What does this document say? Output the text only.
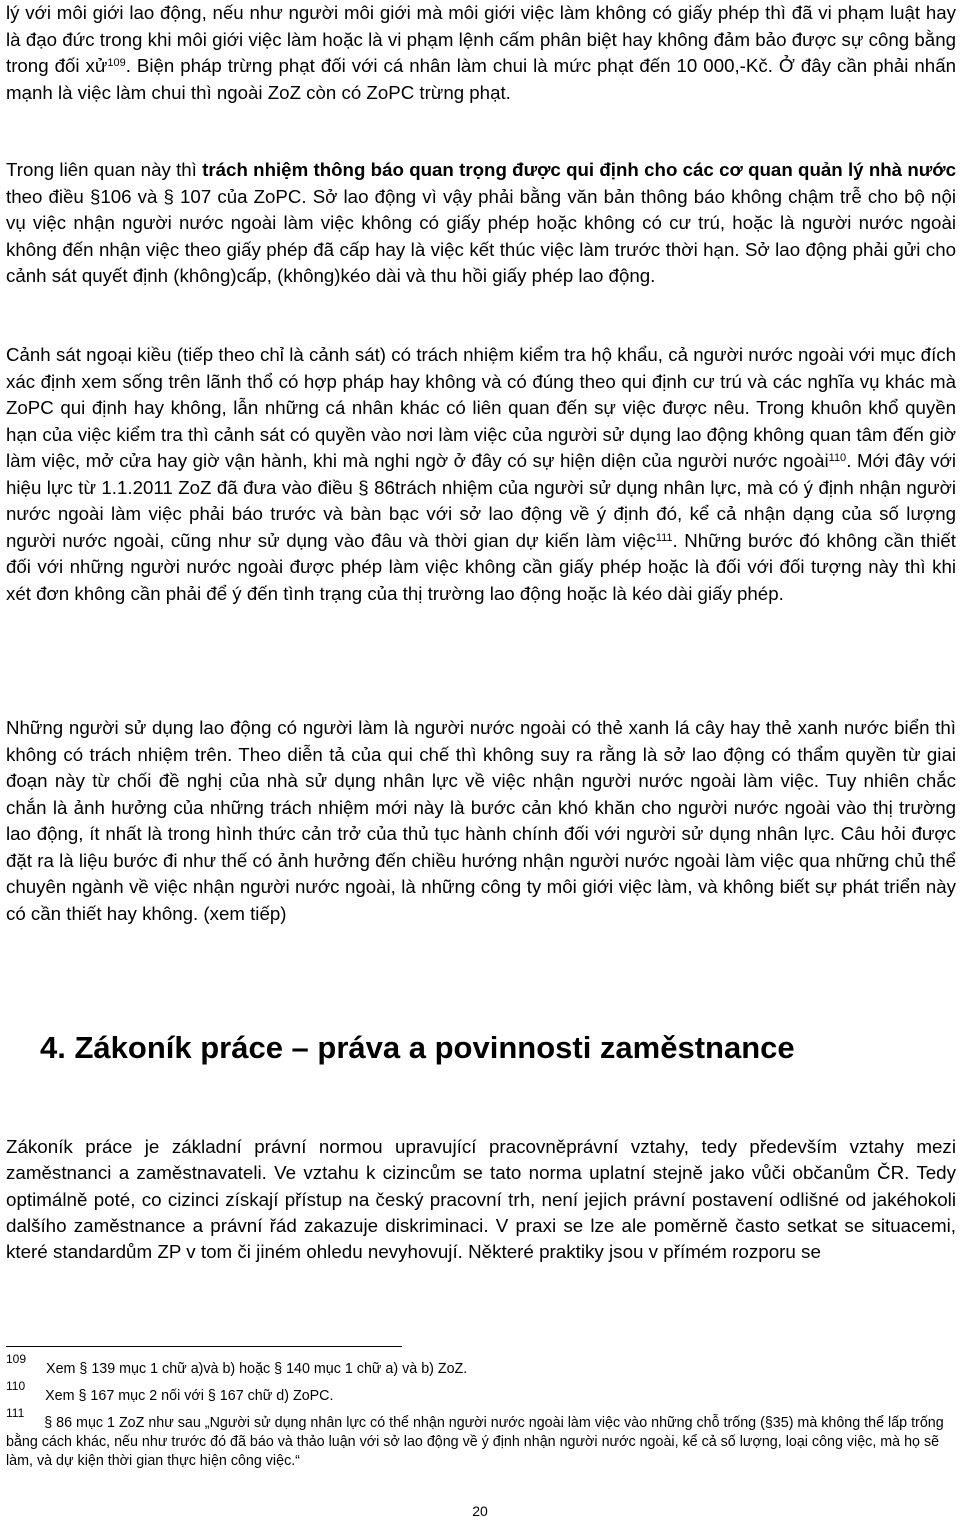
lý với môi giới lao động, nếu như người môi giới mà môi giới việc làm không có giấy phép thì đã vi phạm luật hay là đạo đức trong khi môi giới việc làm hoặc là vi phạm lệnh cấm phân biệt hay không đảm bảo được sự công bằng trong đối xử$^{109}$. Biện pháp trừng phạt đối với cá nhân làm chui là mức phạt đến 10 000,-Kč. Ở đây cần phải nhấn mạnh là việc làm chui thì ngoài ZoZ còn có ZoPC trừng phạt.

Trong liên quan này thì trách nhiệm thông báo quan trọng được qui định cho các cơ quan quản lý nhà nước theo điều §106 và § 107 của ZoPC. Sở lao động vì vậy phải bằng văn bản thông báo không chậm trễ cho bộ nội vụ việc nhận người nước ngoài làm việc không có giấy phép hoặc không có cư trú, hoặc là người nước ngoài không đến nhận việc theo giấy phép đã cấp hay là việc kết thúc việc làm trước thời hạn. Sở lao động phải gửi cho cảnh sát quyết định (không)cấp, (không)kéo dài và thu hồi giấy phép lao động.

Cảnh sát ngoại kiều (tiếp theo chỉ là cảnh sát) có trách nhiệm kiểm tra hộ khẩu, cả người nước ngoài với mục đích xác định xem sống trên lãnh thổ có hợp pháp hay không và có đúng theo qui định cư trú và các nghĩa vụ khác mà ZoPC qui định hay không, lẫn những cá nhân khác có liên quan đến sự việc được nêu. Trong khuôn khổ quyền hạn của việc kiểm tra thì cảnh sát có quyền vào nơi làm việc của người sử dụng lao động không quan tâm đến giờ làm việc, mở cửa hay giờ vận hành, khi mà nghi ngờ ở đây có sự hiện diện của người nước ngoài$^{110}$. Mới đây với hiệu lực từ 1.1.2011 ZoZ đã đưa vào điều § 86trách nhiệm của người sử dụng nhân lực, mà có ý định nhận người nước ngoài làm việc phải báo trước và bàn bạc với sở lao động về ý định đó, kể cả nhận dạng của số lượng người nước ngoài, cũng như sử dụng vào đâu và thời gian dự kiến làm việc$^{111}$. Những bước đó không cần thiết đối với những người nước ngoài được phép làm việc không cần giấy phép hoặc là đối với đối tượng này thì khi xét đơn không cần phải để ý đến tình trạng của thị trường lao động hoặc là kéo dài giấy phép.

Những người sử dụng lao động có người làm là người nước ngoài có thẻ xanh lá cây hay thẻ xanh nước biển thì không có trách nhiệm trên. Theo diễn tả của qui chế thì không suy ra rằng là sở lao động có thẩm quyền từ giai đoạn này từ chối đề nghị của nhà sử dụng nhân lực về việc nhận người nước ngoài làm việc. Tuy nhiên chắc chắn là ảnh hưởng của những trách nhiệm mới này là bước cản khó khăn cho người nước ngoài vào thị trường lao động, ít nhất là trong hình thức cản trở của thủ tục hành chính đối với người sử dụng nhân lực. Câu hỏi được đặt ra là liệu bước đi như thế có ảnh hưởng đến chiều hướng nhận người nước ngoài làm việc qua những chủ thể chuyên ngành về việc nhận người nước ngoài, là những công ty môi giới việc làm, và không biết sự phát triển này có cần thiết hay không. (xem tiếp)

4. Zákoník práce – práva a povinnosti zaměstnance

Zákoník práce je základní právní normou upravující pracovněprávní vztahy, tedy především vztahy mezi zaměstnanci a zaměstnavateli. Ve vztahu k cizincům se tato norma uplatní stejně jako vůči občanům ČR. Tedy optimálně poté, co cizinci získají přístup na český pracovní trh, není jejich právní postavení odlišné od jakéhokoli dalšího zaměstnance a právní řád zakazuje diskriminaci. V praxi se lze ale poměrně často setkat se situacemi, které standardům ZP v tom či jiném ohledu nevyhovují. Některé praktiky jsou v přímém rozporu se

$^{109}$Xem § 139 mục 1 chữ a)và b) hoặc § 140 mục 1 chữ a) và b) ZoZ.

$^{110}$Xem § 167 mục 2 nối với § 167 chữ d) ZoPC.

$^{111}$§ 86 mục 1 ZoZ như sau „Người sử dụng nhân lực có thể nhận người nước ngoài làm việc vào những chỗ trống (§35) mà không thể lấp trống bằng cách khác, nếu như trước đó đã báo và thảo luận với sở lao động về ý định nhận người nước ngoài, kể cả số lượng, loại công việc, mà họ sẽ làm, và dự kiện thời gian thực hiện công việc.“

20
